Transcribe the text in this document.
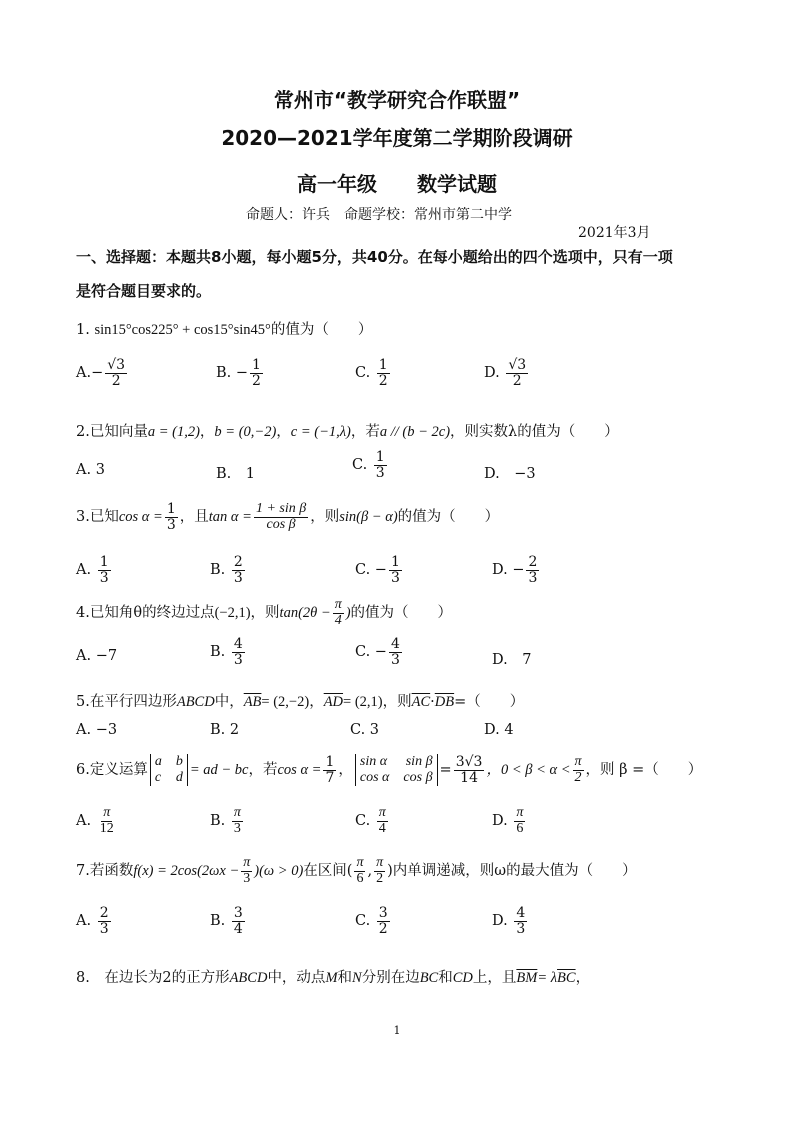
常州市“教学研究合作联盟”
2020—2021学年度第二学期阶段调研
高一年级　　数学试题
命题人：许兵　命题学校：常州市第二中学
2021年3月
一、选择题：本题共8小题，每小题5分，共40分。在每小题给出的四个选项中，只有一项
是符合题目要求的。
1. sin15°cos225° + cos15°sin45°的值为（　　）
$A.- \frac{√3}{2}$	B. − $\frac{1}{2}$	C. $\frac{1}{2}$	D. $\frac{√3}{2}$
2.已知向量a = (1,2)，b = (0,−2)，c = (−1,λ)，若a // (b − 2c)，则实数λ的值为（　　）
A. 3	B.　1
C. $\frac{1}{3}$	D.　−3
3.已知$\cos \alpha = \frac{1}{3}$ ，且$\tan \alpha = \frac{\text{1 + sin β}}{\text{cos β}}$ ，则sin(β − α)的值为（　　）
A. $\frac{1}{3}$	B. $\frac{2}{3}$	C. − $\frac{1}{3}$	D. − $\frac{2}{3}$
4.已知角θ的终边过点(−2,1)，则$\tan(2\theta - \frac{\pi}{4}$ )的值为（　　）
A. −7	B. $\frac{4}{3}$	C. − $\frac{4}{3}$	D.　7
5.在平行四边形ABCD中，$\overline{AB}= (2,-2)$，$\overline{AD}= (2,1)$，则$\overline{AC}\cdot\overline{DB}=$（　　）
A. −3	B. 2	C. 3	D. 4
6.定义运算
a b
c d = ad − bc，若$\cos \alpha = \frac{1}{7}$ ，
sin α sin β
cos α $\cos \beta = \frac{3√3}{14}$ ，$0 < \beta < \alpha < \frac{\pi}{2}$ ，则 β =（　　）
A. $\frac{\pi}{12}$	B. $\frac{\pi}{3}$	C. $\frac{\pi}{4}$	D. $\frac{\pi}{6}$
7.若函数$f(x) = 2\cos(2\omega x - \frac{\pi}{3} )(\omega > 0)$在区间( $\frac{\pi}{6}$ , $\frac{\pi}{2}$ )内单调递减，则ω的最大值为（　　）
A. $\frac{2}{3}$	B. $\frac{3}{4}$	C. $\frac{3}{2}$	D. $\frac{4}{3}$
8.　 在边长为2的正方形ABCD中，动点M和N分别在边BC和CD上，且$\overline{BM}= \lambda\overline{BC}$，
1
